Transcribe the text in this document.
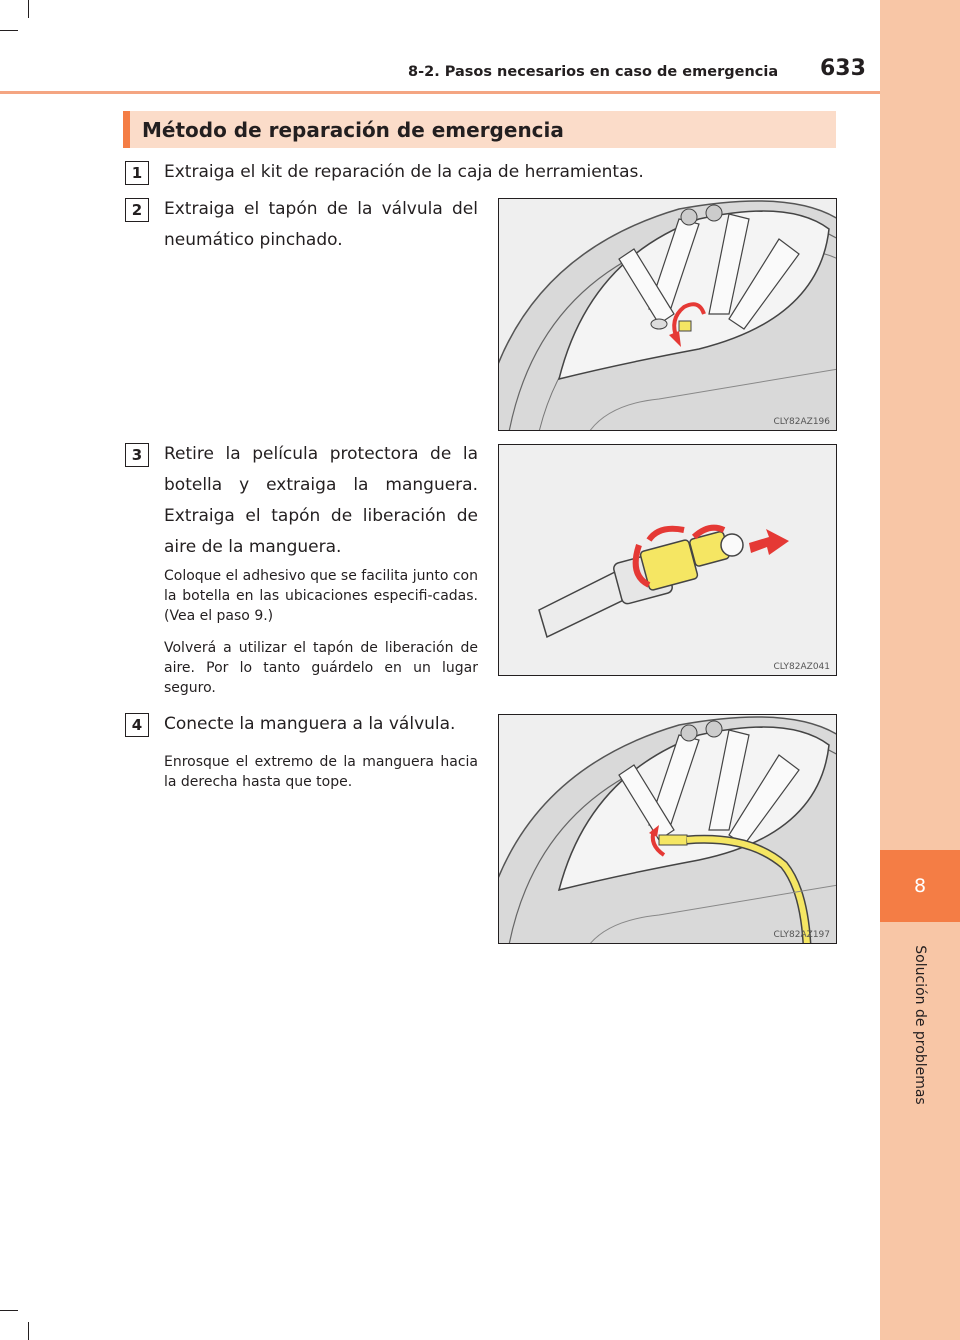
8
Solución de problemas
8-2. Pasos necesarios en caso de emergencia 633
Método de reparación de emergencia
1	Extraiga el kit de reparación de la caja de herramientas.
2	Extraiga el tapón de la válvula del neumático pinchado.
CLY82AZ196
3	Retire la película protectora de la botella y extraiga la manguera. Extraiga el tapón de liberación de aire de la manguera.
Coloque el adhesivo que se facilita junto con la botella en las ubicaciones especifi-cadas. (Vea el paso 9.)
Volverá a utilizar el tapón de liberación de aire. Por lo tanto guárdelo en un lugar seguro.
CLY82AZ041
4	Conecte la manguera a la válvula.
Enrosque el extremo de la manguera hacia la derecha hasta que tope.
CLY82AZ197
